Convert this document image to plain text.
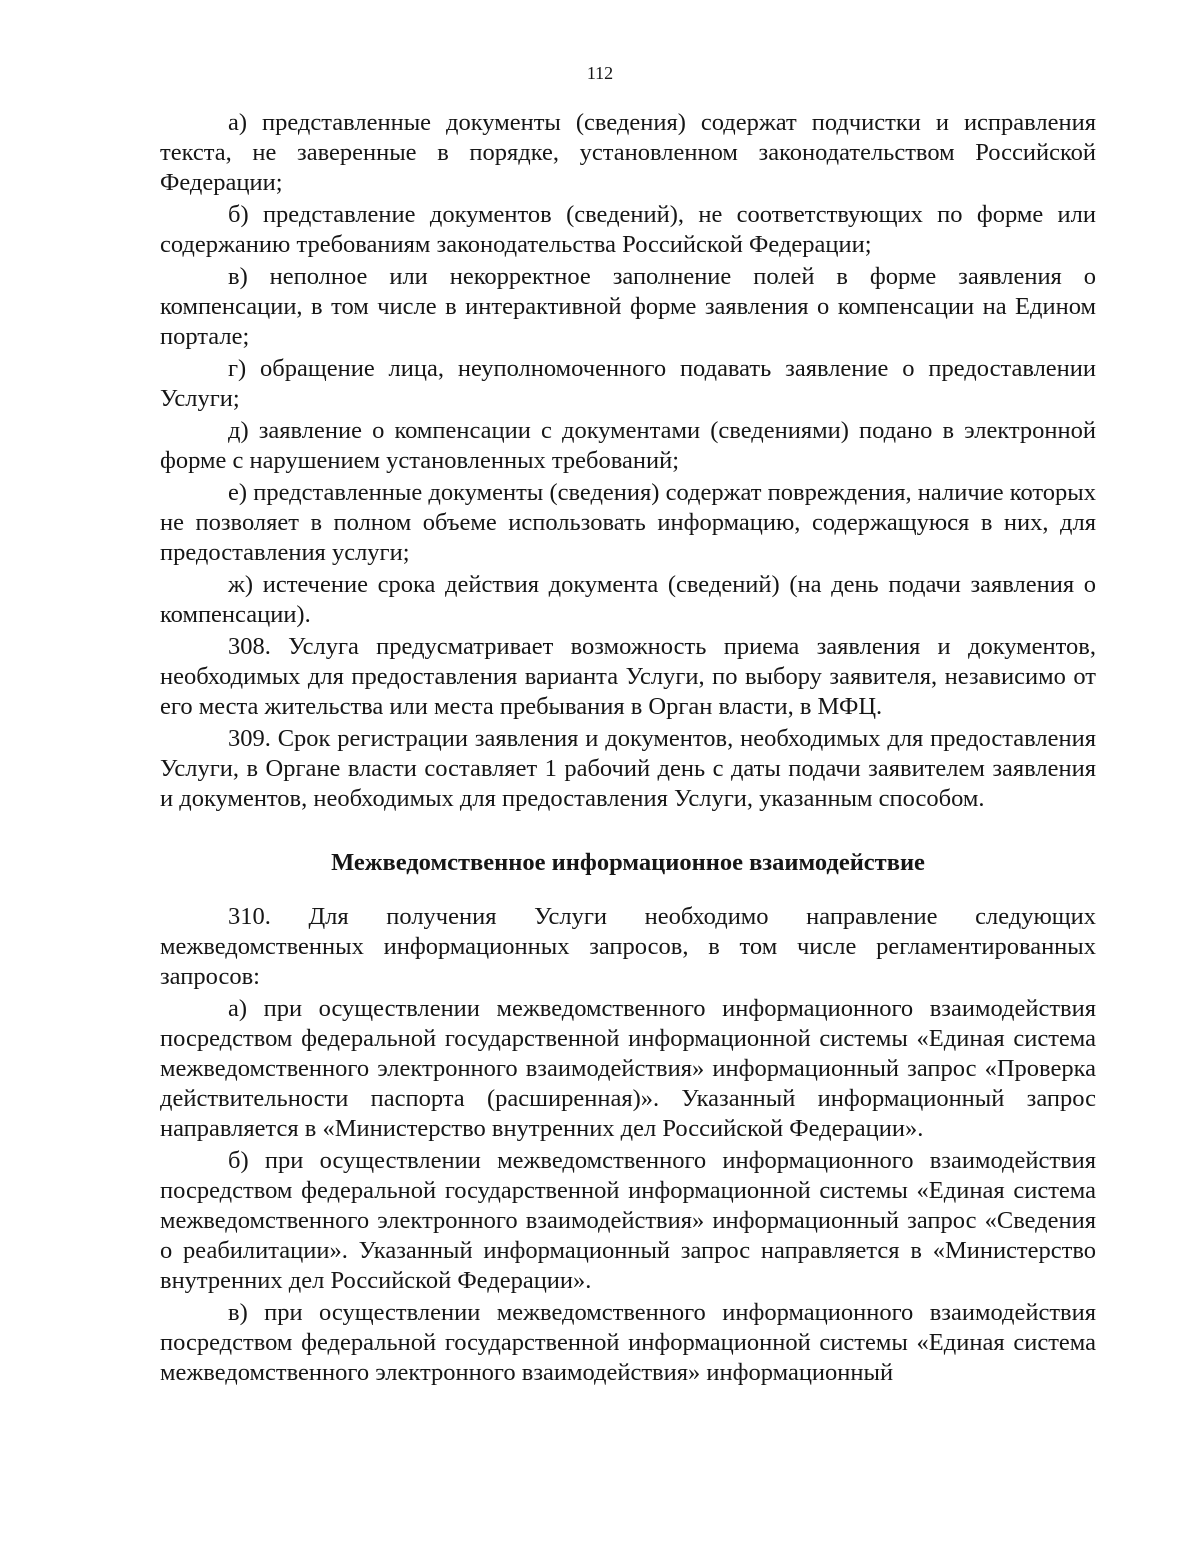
112

а) представленные документы (сведения) содержат подчистки и исправления текста, не заверенные в порядке, установленном законодательством Российской Федерации;

б) представление документов (сведений), не соответствующих по форме или содержанию требованиям законодательства Российской Федерации;

в) неполное или некорректное заполнение полей в форме заявления о компенсации, в том числе в интерактивной форме заявления о компенсации на Едином портале;

г) обращение лица, неуполномоченного подавать заявление о предоставлении Услуги;

д) заявление о компенсации с документами (сведениями) подано в электронной форме с нарушением установленных требований;

е) представленные документы (сведения) содержат повреждения, наличие которых не позволяет в полном объеме использовать информацию, содержащуюся в них, для предоставления услуги;

ж) истечение срока действия документа (сведений) (на день подачи заявления о компенсации).

308. Услуга предусматривает возможность приема заявления и документов, необходимых для предоставления варианта Услуги, по выбору заявителя, независимо от его места жительства или места пребывания в Орган власти, в МФЦ.

309. Срок регистрации заявления и документов, необходимых для предоставления Услуги, в Органе власти составляет 1 рабочий день с даты подачи заявителем заявления и документов, необходимых для предоставления Услуги, указанным способом.

Межведомственное информационное взаимодействие

310. Для получения Услуги необходимо направление следующих межведомственных информационных запросов, в том числе регламентированных запросов:

а) при осуществлении межведомственного информационного взаимодействия посредством федеральной государственной информационной системы «Единая система межведомственного электронного взаимодействия» информационный запрос «Проверка действительности паспорта (расширенная)». Указанный информационный запрос направляется в «Министерство внутренних дел Российской Федерации».

б) при осуществлении межведомственного информационного взаимодействия посредством федеральной государственной информационной системы «Единая система межведомственного электронного взаимодействия» информационный запрос «Сведения о реабилитации». Указанный информационный запрос направляется в «Министерство внутренних дел Российской Федерации».

в) при осуществлении межведомственного информационного взаимодействия посредством федеральной государственной информационной системы «Единая система межведомственного электронного взаимодействия» информационный
